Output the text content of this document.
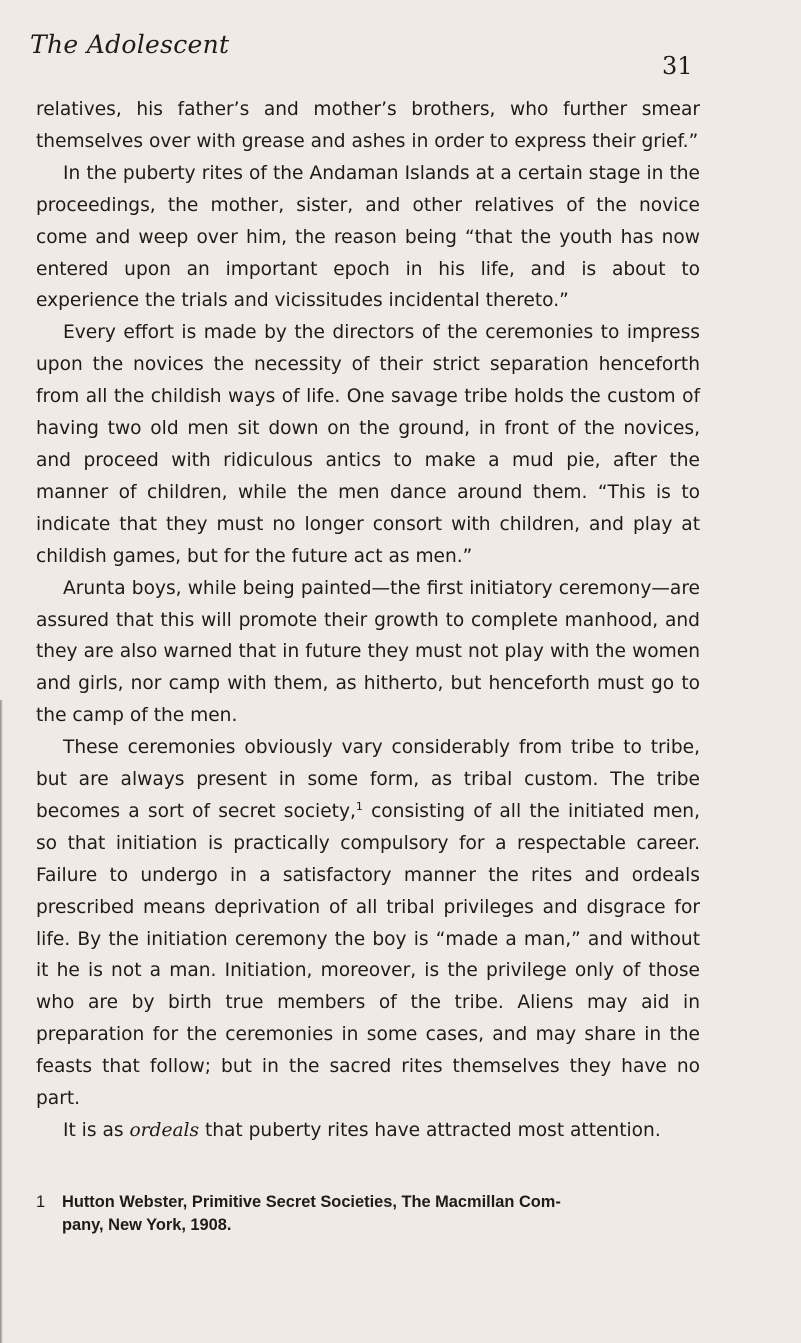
The Adolescent
31

relatives, his father’s and mother’s brothers, who further smear themselves over with grease and ashes in order to express their grief.”

In the puberty rites of the Andaman Islands at a certain stage in the proceedings, the mother, sister, and other relatives of the novice come and weep over him, the reason being “that the youth has now entered upon an important epoch in his life, and is about to experience the trials and vicissitudes incidental thereto.”

Every effort is made by the directors of the ceremonies to impress upon the novices the necessity of their strict separation henceforth from all the childish ways of life. One savage tribe holds the custom of having two old men sit down on the ground, in front of the novices, and proceed with ridiculous antics to make a mud pie, after the manner of children, while the men dance around them. “This is to indicate that they must no longer consort with children, and play at childish games, but for the future act as men.”

Arunta boys, while being painted—the first initiatory ceremony—are assured that this will promote their growth to complete manhood, and they are also warned that in future they must not play with the women and girls, nor camp with them, as hitherto, but henceforth must go to the camp of the men.

These ceremonies obviously vary considerably from tribe to tribe, but are always present in some form, as tribal custom. The tribe becomes a sort of secret society,$^1$ consisting of all the initiated men, so that initiation is practically compulsory for a respectable career. Failure to undergo in a satisfactory manner the rites and ordeals prescribed means deprivation of all tribal privileges and disgrace for life. By the initiation ceremony the boy is “made a man,” and without it he is not a man. Initiation, moreover, is the privilege only of those who are by birth true members of the tribe. Aliens may aid in preparation for the ceremonies in some cases, and may share in the feasts that follow; but in the sacred rites themselves they have no part.

It is as ordeals that puberty rites have attracted most attention.

1 Hutton Webster, Primitive Secret Societies, The Macmillan Com-
pany, New York, 1908.
